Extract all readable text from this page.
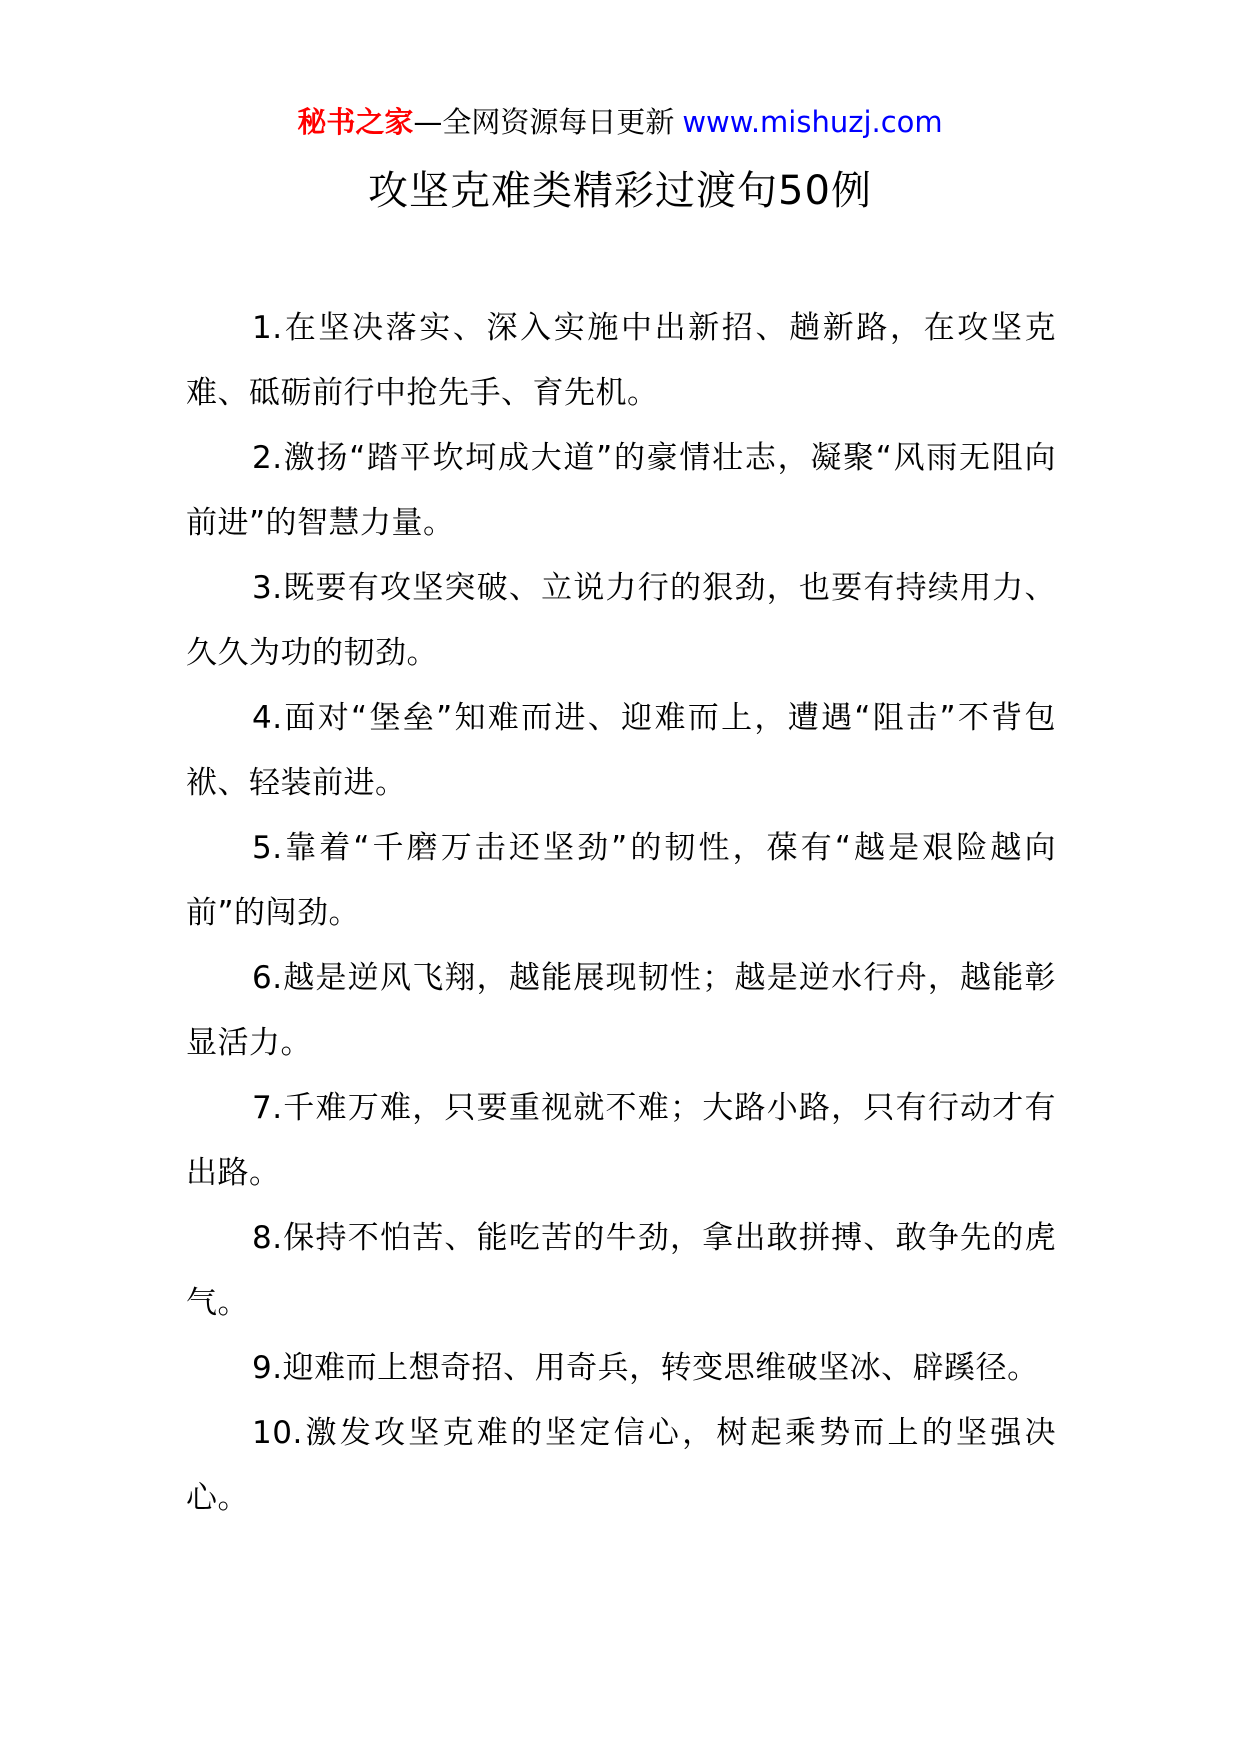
秘书之家—全网资源每日更新 www.mishuzj.com
攻坚克难类精彩过渡句50例

1.在坚决落实、深入实施中出新招、趟新路，在攻坚克难、砥砺前行中抢先手、育先机。

2.激扬“踏平坎坷成大道”的豪情壮志，凝聚“风雨无阻向前进”的智慧力量。

3.既要有攻坚突破、立说力行的狠劲，也要有持续用力、久久为功的韧劲。

4.面对“堡垒”知难而进、迎难而上，遭遇“阻击”不背包袱、轻装前进。

5.靠着“千磨万击还坚劲”的韧性，葆有“越是艰险越向前”的闯劲。

6.越是逆风飞翔，越能展现韧性；越是逆水行舟，越能彰显活力。

7.千难万难，只要重视就不难；大路小路，只有行动才有出路。

8.保持不怕苦、能吃苦的牛劲，拿出敢拼搏、敢争先的虎气。

9.迎难而上想奇招、用奇兵，转变思维破坚冰、辟蹊径。

10.激发攻坚克难的坚定信心，树起乘势而上的坚强决心。
